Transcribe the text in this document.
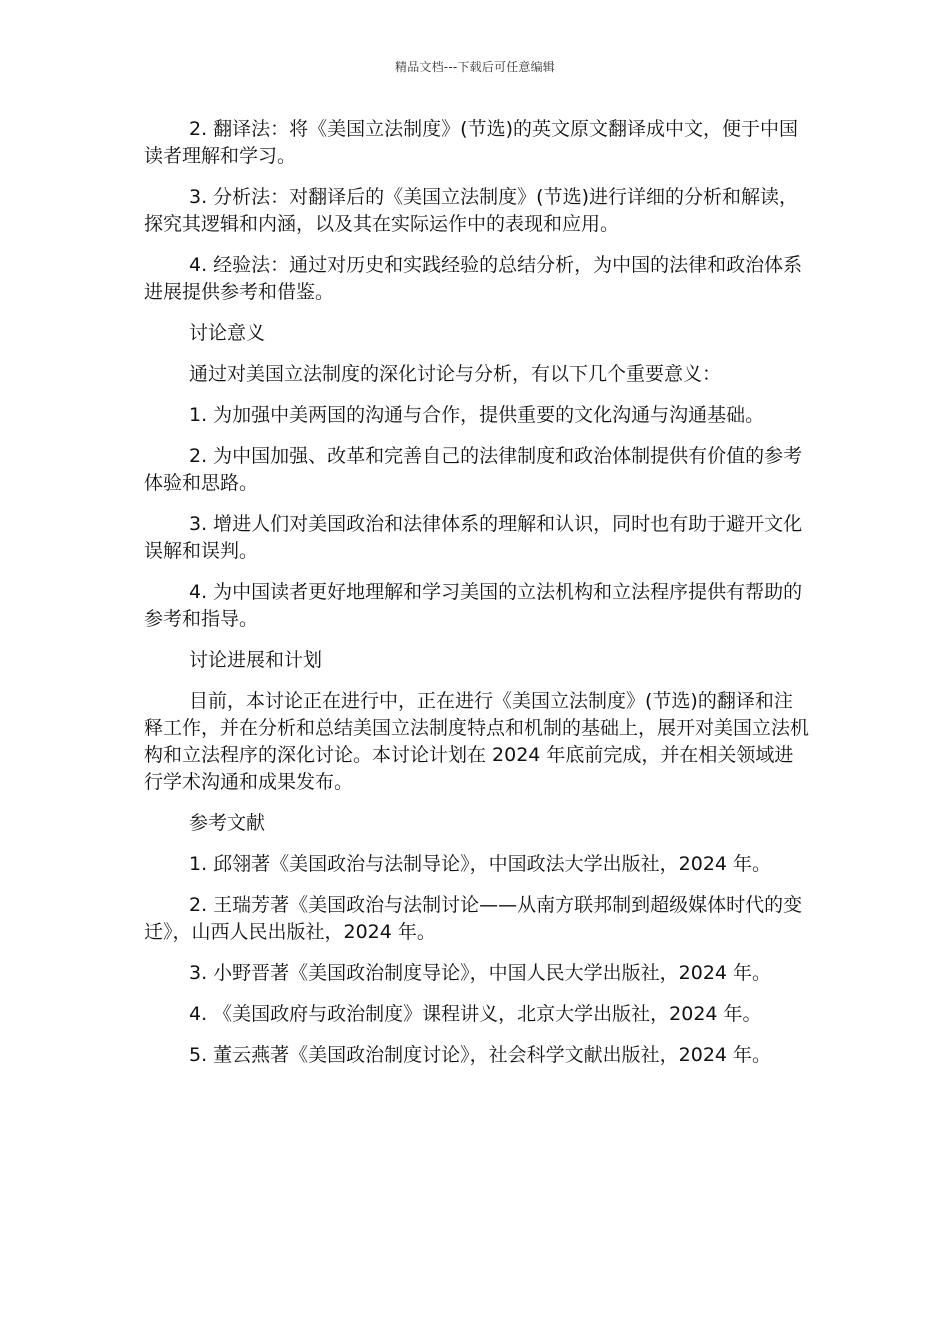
精品文档---下载后可任意编辑

2. 翻译法：将《美国立法制度》(节选)的英文原文翻译成中文，便于中国读者理解和学习。

3. 分析法：对翻译后的《美国立法制度》(节选)进行详细的分析和解读，探究其逻辑和内涵，以及其在实际运作中的表现和应用。

4. 经验法：通过对历史和实践经验的总结分析，为中国的法律和政治体系进展提供参考和借鉴。

讨论意义

通过对美国立法制度的深化讨论与分析，有以下几个重要意义：

1. 为加强中美两国的沟通与合作，提供重要的文化沟通与沟通基础。

2. 为中国加强、改革和完善自己的法律制度和政治体制提供有价值的参考体验和思路。

3. 增进人们对美国政治和法律体系的理解和认识，同时也有助于避开文化误解和误判。

4. 为中国读者更好地理解和学习美国的立法机构和立法程序提供有帮助的参考和指导。

讨论进展和计划

目前，本讨论正在进行中，正在进行《美国立法制度》(节选)的翻译和注释工作，并在分析和总结美国立法制度特点和机制的基础上，展开对美国立法机构和立法程序的深化讨论。本讨论计划在 2024 年底前完成，并在相关领域进行学术沟通和成果发布。

参考文献

1. 邱翎著《美国政治与法制导论》，中国政法大学出版社，2024 年。

2. 王瑞芳著《美国政治与法制讨论——从南方联邦制到超级媒体时代的变迁》，山西人民出版社，2024 年。

3. 小野晋著《美国政治制度导论》，中国人民大学出版社，2024 年。

4. 《美国政府与政治制度》课程讲义，北京大学出版社，2024 年。

5. 董云燕著《美国政治制度讨论》，社会科学文献出版社，2024 年。
